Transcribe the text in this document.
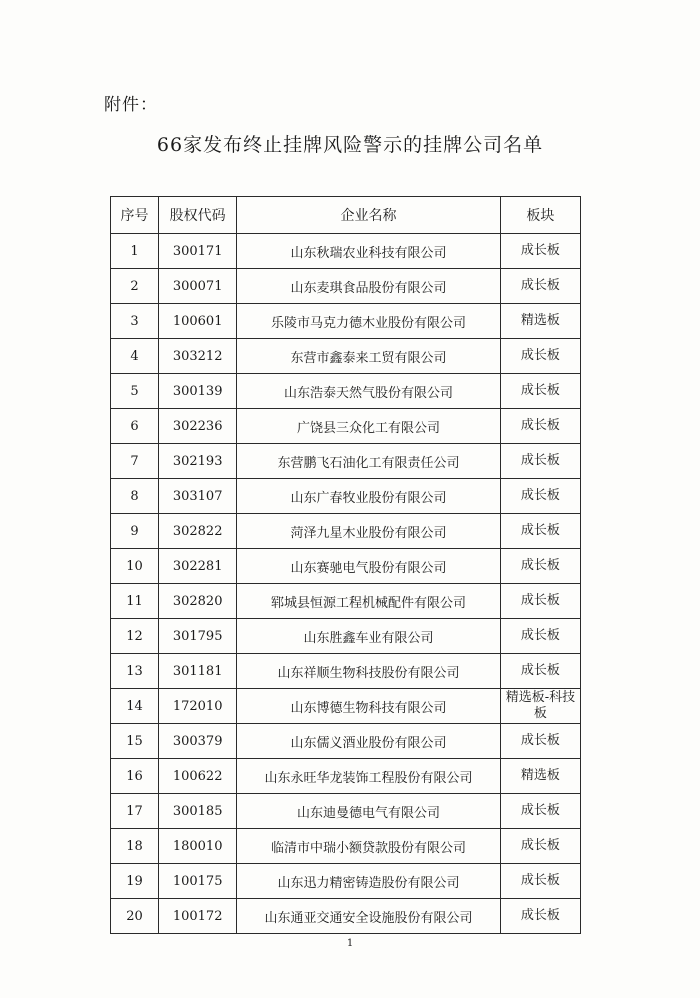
附件：
66家发布终止挂牌风险警示的挂牌公司名单
序号	股权代码	企业名称	板块
1	300171	山东秋瑞农业科技有限公司	成长板
2	300071	山东麦琪食品股份有限公司	成长板
3	100601	乐陵市马克力德木业股份有限公司	精选板
4	303212	东营市鑫泰来工贸有限公司	成长板
5	300139	山东浩泰天然气股份有限公司	成长板
6	302236	广饶县三众化工有限公司	成长板
7	302193	东营鹏飞石油化工有限责任公司	成长板
8	303107	山东广春牧业股份有限公司	成长板
9	302822	菏泽九星木业股份有限公司	成长板
10	302281	山东赛驰电气股份有限公司	成长板
11	302820	郓城县恒源工程机械配件有限公司	成长板
12	301795	山东胜鑫车业有限公司	成长板
13	301181	山东祥顺生物科技股份有限公司	成长板
14	172010	山东博德生物科技有限公司	精选板-科技板
15	300379	山东儒义酒业股份有限公司	成长板
16	100622	山东永旺华龙装饰工程股份有限公司	精选板
17	300185	山东迪曼德电气有限公司	成长板
18	180010	临清市中瑞小额贷款股份有限公司	成长板
19	100175	山东迅力精密铸造股份有限公司	成长板
20	100172	山东通亚交通安全设施股份有限公司	成长板
1
